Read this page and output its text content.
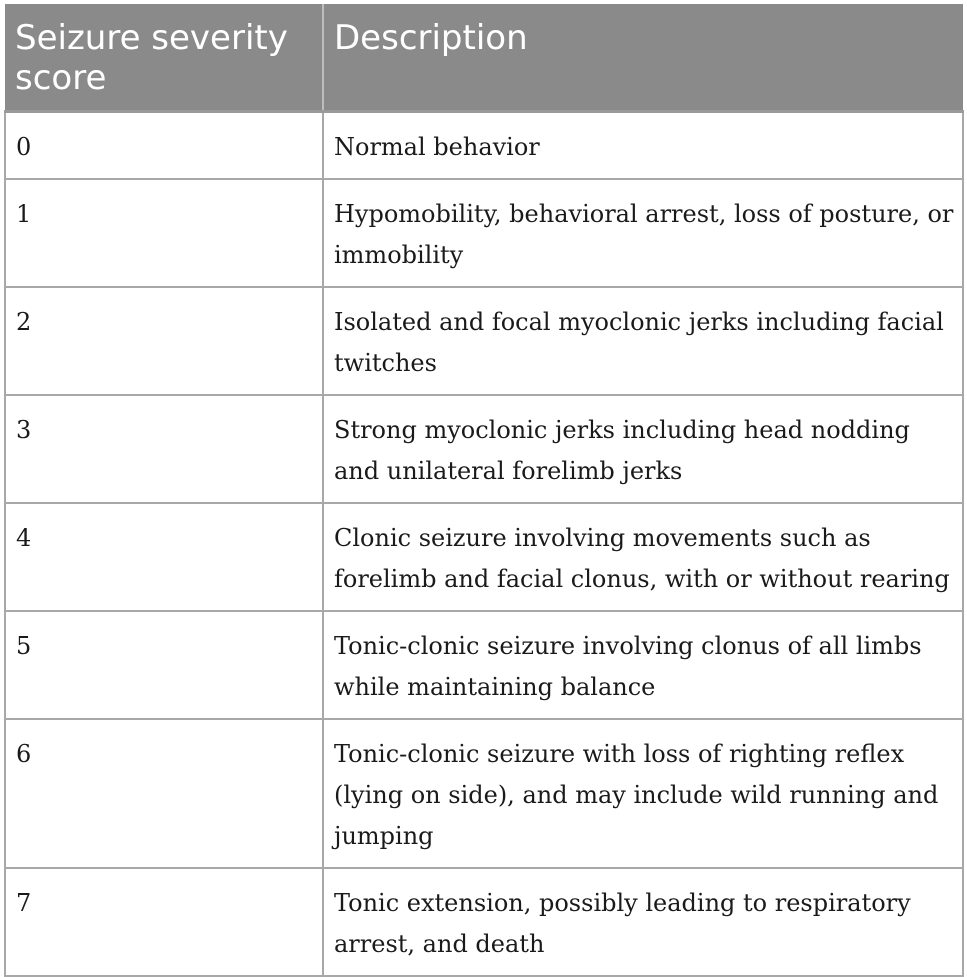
Seizure severity score	Description
0	Normal behavior
1	Hypomobility, behavioral arrest, loss of posture, or immobility
2	Isolated and focal myoclonic jerks including facial twitches
3	Strong myoclonic jerks including head nodding and unilateral forelimb jerks
4	Clonic seizure involving movements such as forelimb and facial clonus, with or without rearing
5	Tonic-clonic seizure involving clonus of all limbs while maintaining balance
6	Tonic-clonic seizure with loss of righting reflex (lying on side), and may include wild running and jumping
7	Tonic extension, possibly leading to respiratory arrest, and death
